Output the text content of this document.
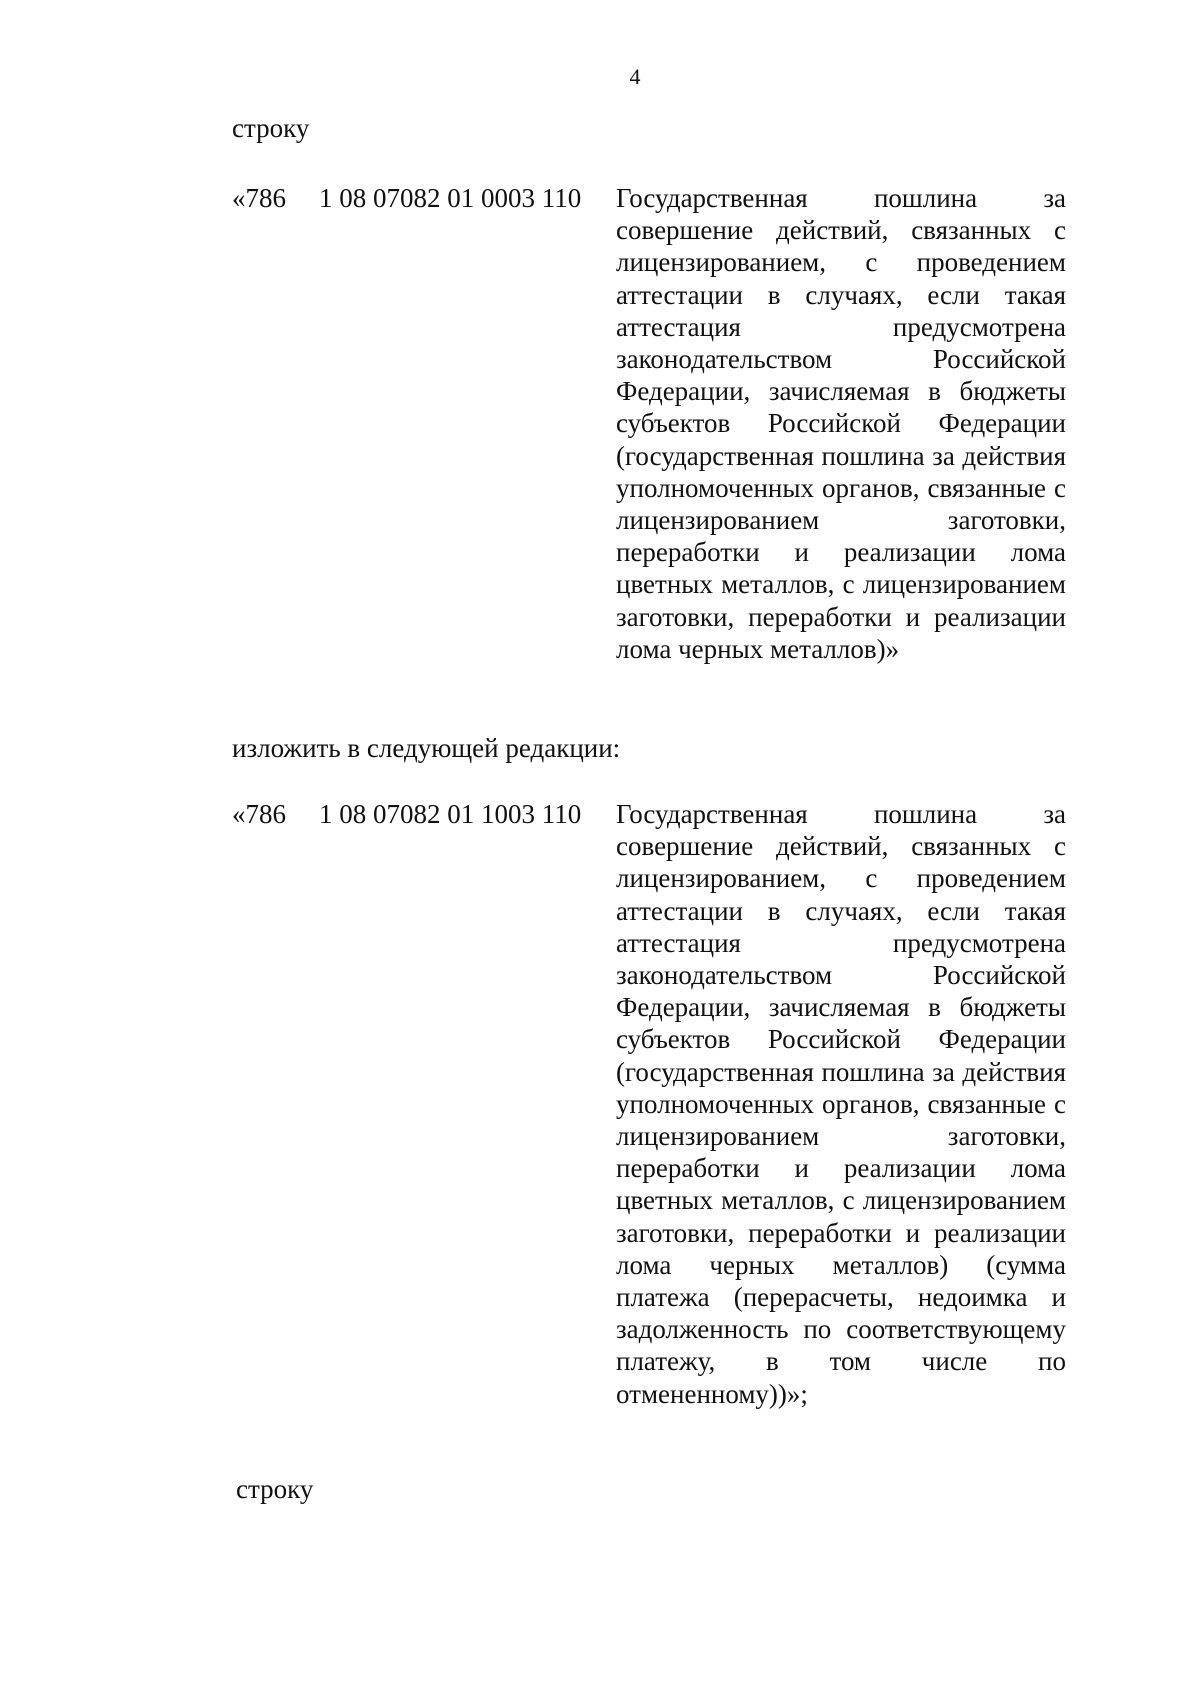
4
строку
«786 1 08 07082 01 0003 110 Государственная пошлина за совершение действий, связанных с лицензированием, с проведением аттестации в случаях, если такая аттестация предусмотрена законодательством Российской Федерации, зачисляемая в бюджеты субъектов Российской Федерации (государственная пошлина за действия уполномоченных органов, связанные с лицензированием заготовки, переработки и реализации лома цветных металлов, с лицензированием заготовки, переработки и реализации лома черных металлов)»
изложить в следующей редакции:
«786 1 08 07082 01 1003 110 Государственная пошлина за совершение действий, связанных с лицензированием, с проведением аттестации в случаях, если такая аттестация предусмотрена законодательством Российской Федерации, зачисляемая в бюджеты субъектов Российской Федерации (государственная пошлина за действия уполномоченных органов, связанные с лицензированием заготовки, переработки и реализации лома цветных металлов, с лицензированием заготовки, переработки и реализации лома черных металлов) (сумма платежа (перерасчеты, недоимка и задолженность по соответствующему платежу, в том числе по отмененному))»;
строку
